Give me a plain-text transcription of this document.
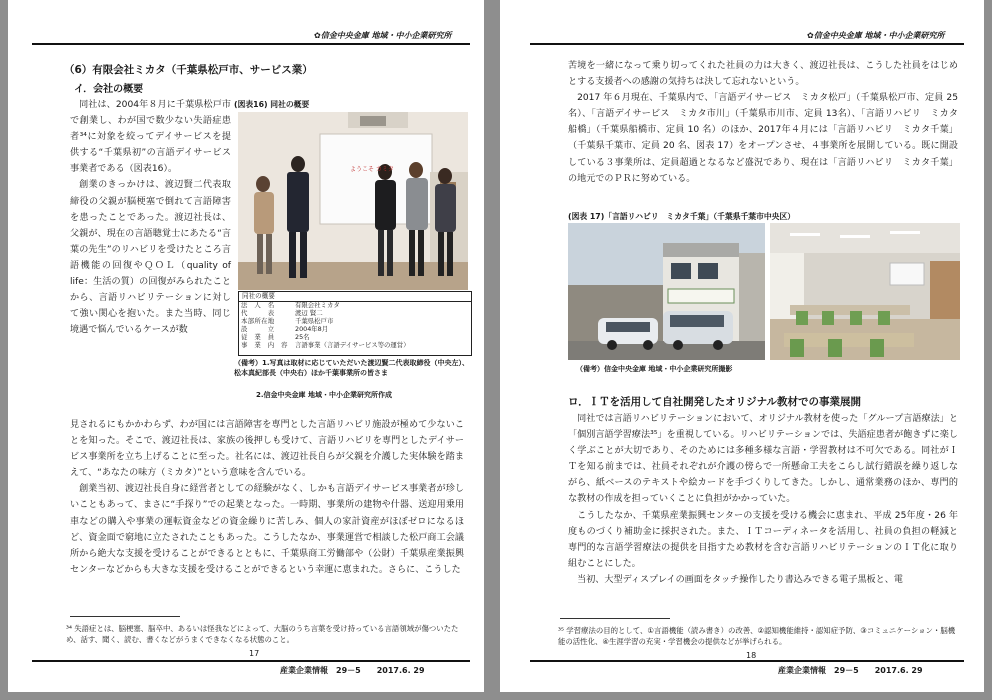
✿信金中央金庫 地域・中小企業研究所
（6）有限会社ミカタ（千葉県松戸市、サービス業）
イ．会社の概要

同社は、2004年８月に千葉県松戸市で創業し、わが国で数少ない失語症患者³⁴に対象を絞ってデイサービスを提供する“千葉県初”の言語デイサービス事業者である（図表16）。

創業のきっかけは、渡辺賢二代表取締役の父親が脳梗塞で倒れて言語障害を患ったことであった。渡辺社長は、父親が、現在の言語聴覚士にあたる“言葉の先生”のリハビリを受けたところ言語機能の回復やＱＯＬ（quality of life：生活の質）の回復がみられたことから、言語リハビリテーションに対して強い関心を抱いた。また当時、同じ境遇で悩んでいるケースが数

(図表16) 同社の概要
ようこそ カミタ
同社の概要
法　人　名	有限会社ミカタ
代　　　表	渡辺 賢二
本部所在地	千葉県松戸市
設　　　立	2004年8月
従　業　員	25名
事　業　内　容	言語事業（言語デイサービス等の運営）
（備考）1.写真は取材に応じていただいた渡辺賢二代表取締役（中央左）、松本真紀部長（中央右）ほか千葉事業所の皆さま
2.信金中央金庫 地域・中小企業研究所作成

見されるにもかかわらず、わが国には言語障害を専門とした言語リハビリ施設が極めて少ないことを知った。そこで、渡辺社長は、家族の後押しも受けて、言語リハビリを専門としたデイサービス事業所を立ち上げることに至った。社名には、渡辺社長自らが父親を介護した実体験を踏まえて、“あなたの味方（ミカタ）”という意味を含んでいる。

創業当初、渡辺社長自身に経営者としての経験がなく、しかも言語デイサービス事業者が珍しいこともあって、まさに“手探り”での起業となった。一時期、事業所の建物や什器、送迎用乗用車などの購入や事業の運転資金などの資金繰りに苦しみ、個人の家計資産がほぼゼロになるほど、資金面で窮地に立たされたこともあった。こうしたなか、事業運営で相談した松戸商工会議所から絶大な支援を受けることができるとともに、千葉県商工労働部や（公財）千葉県産業振興センターなどからも大きな支援を受けることができるという幸運に恵まれた。さらに、こうした

³⁴ 失語症とは、脳梗塞、脳卒中、あるいは怪我などによって、大脳のうち言葉を受け持っている言語領域が傷ついたため、話す、聞く、読む、書くなどがうまくできなくなる状態のこと。
17
産業企業情報　29－5　　2017.6. 29
✿信金中央金庫 地域・中小企業研究所

苦境を一緒になって乗り切ってくれた社員の力は大きく、渡辺社長は、こうした社員をはじめとする支援者への感謝の気持ちは決して忘れないという。

2017 年６月現在、千葉県内で、「言語デイサービス　ミカタ松戸」（千葉県松戸市、定員 25 名）、「言語デイサービス　ミカタ市川」（千葉県市川市、定員 13名）、「言語リハビリ　ミカタ船橋」（千葉県船橋市、定員 10 名）のほか、2017年４月には「言語リハビリ　ミカタ千葉」（千葉県千葉市、定員 20 名、図表 17）をオープンさせ、４事業所を展開している。既に開設している３事業所は、定員超過となるなど盛況であり、現在は「言語リハビリ　ミカタ千葉」の地元でのＰＲに努めている。

(図表 17)「言語リハビリ　ミカタ千葉」（千葉県千葉市中央区）
（備考）信金中央金庫 地域・中小企業研究所撮影
ロ．ＩＴを活用して自社開発したオリジナル教材での事業展開

同社では言語リハビリテーションにおいて、オリジナル教材を使った「グループ言語療法」と「個別言語学習療法³⁵」を重視している。リハビリテーションでは、失語症患者が飽きずに楽しく学ぶことが大切であり、そのためには多種多様な言語・学習教材は不可欠である。同社がＩＴを知る前までは、社員それぞれが介護の傍らで一所懸命工夫をこらし試行錯誤を繰り返しながら、紙ベースのテキストや絵カードを手づくりしてきた。しかし、通常業務のほか、専門的な教材の作成を担っていくことに負担がかかっていた。

こうしたなか、千葉県産業振興センターの支援を受ける機会に恵まれ、平成 25年度・26 年度ものづくり補助金に採択された。また、ＩＴコーディネータを活用し、社員の負担の軽減と専門的な言語学習療法の提供を目指すため教材を含む言語リハビリテーションのＩＴ化に取り組むことにした。

当初、大型ディスプレイの画面をタッチ操作したり書込みできる電子黒板と、電

³⁵ 学習療法の目的として、①言語機能（読み書き）の改善、②認知機能維持・認知症予防、③コミュニケーション・脳機能の活性化、④生涯学習の充実・学習機会の提供などが挙げられる。
18
産業企業情報　29－5　　2017.6. 29
